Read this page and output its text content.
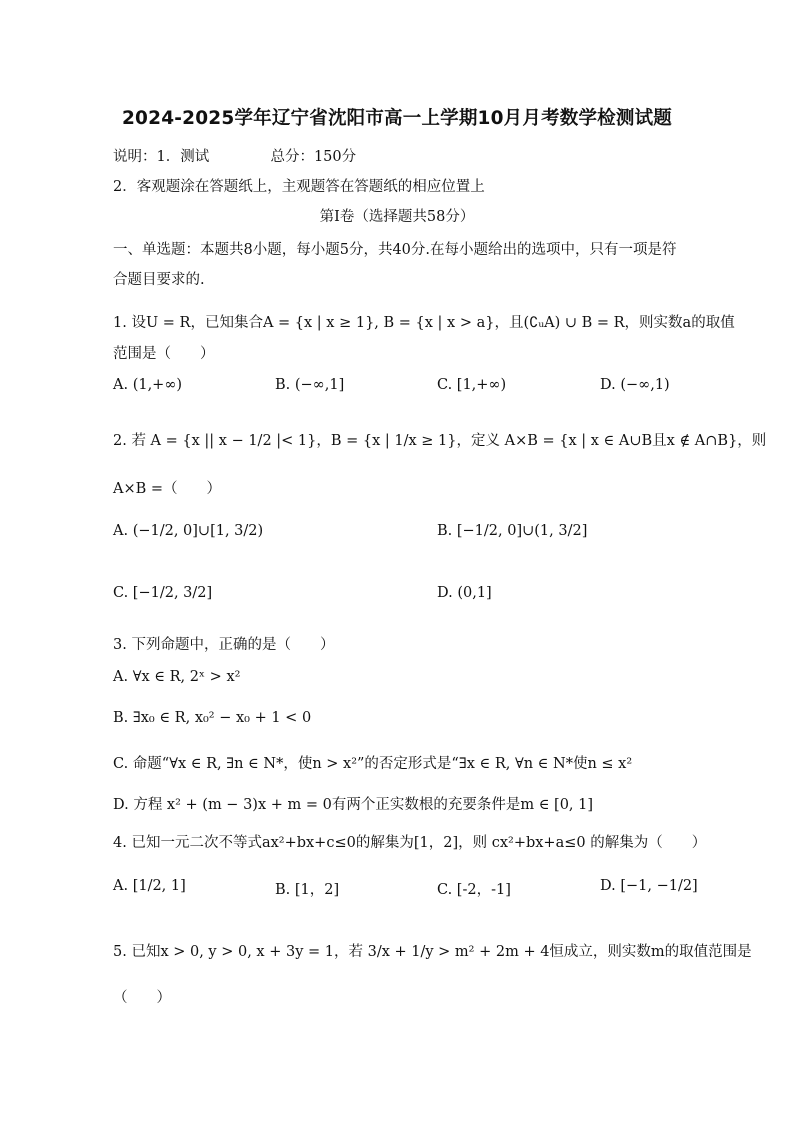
2024-2025学年辽宁省沈阳市高一上学期10月月考数学检测试题
说明：1．测试	总分：150分
2．客观题涂在答题纸上，主观题答在答题纸的相应位置上
第Ⅰ卷（选择题共58分）
一、单选题：本题共8小题，每小题5分，共40分.在每小题给出的选项中，只有一项是符
合题目要求的.
1. 设U = R，已知集合A = {x | x ≥ 1}, B = {x | x > a}，且(∁ᵤA) ∪ B = R，则实数a的取值
范围是（　　）
A. (1,+∞)	B. (−∞,1]	C. [1,+∞)	D. (−∞,1)
2. 若 A = {x || x − 1/2 |< 1}，B = {x | 1/x ≥ 1}，定义 A×B = {x | x ∈ A∪B且x ∉ A∩B}，则
A×B =（　　）
A. (−1/2, 0]∪[1, 3/2)	B. [−1/2, 0]∪(1, 3/2]
C. [−1/2, 3/2]	D. (0,1]
3. 下列命题中，正确的是（　　）
A. ∀x ∈ R, 2ˣ > x²
B. ∃x₀ ∈ R, x₀² − x₀ + 1 < 0
C. 命题“∀x ∈ R, ∃n ∈ N*，使n > x²”的否定形式是“∃x ∈ R, ∀n ∈ N*使n ≤ x²
D. 方程 x² + (m − 3)x + m = 0有两个正实数根的充要条件是m ∈ [0, 1]
4. 已知一元二次不等式ax²+bx+c≤0的解集为[1，2]，则 cx²+bx+a≤0 的解集为（　　）
A. [1/2, 1]	B. [1，2]	C. [-2，-1]	D. [−1, −1/2]
5. 已知x > 0, y > 0, x + 3y = 1，若 3/x + 1/y > m² + 2m + 4恒成立，则实数m的取值范围是
（　　）
